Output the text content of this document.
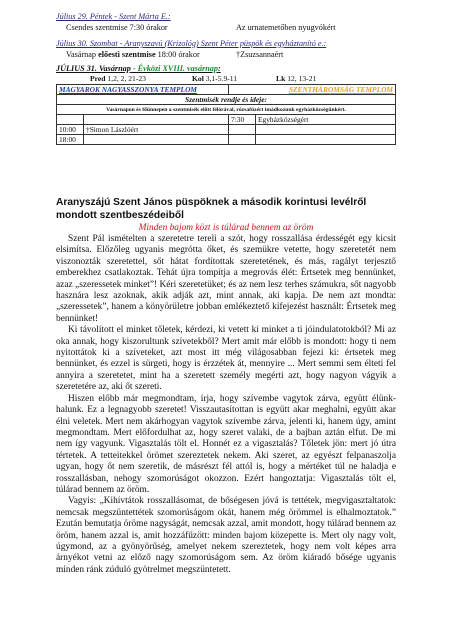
Július 29. Péntek - Szent Márta E.:
Csendes szentmise 7:30 órakor	Az urnatemetőben nyugvókért
Július 30. Szombat - Aranyszavú (Krizológ) Szent Péter püspök és egyháztanító e.:
Vasárnap előesti szentmise 18:00 órakor	†Zsuzsannaért
JÚLIUS 31. Vasárnap - Évközi XVIII. vasárnap:
Pred 1,2, 2, 21-23	Kol 3,1-5.9-11	Lk 12, 13-21
MAGYAROK NAGYASSZONYA TEMPLOM		SZENTHÁROMSÁG TEMPLOM	
Szentmisék rendje és ideje:			
Vasárnapon és főünnepen a szentmisék előtt félórával, rózsafüzért imádkozunk egyházközségünkért.			
		7:30	Egyházközségért
10:00	†Simon Lászlóért		
18:00			
Aranyszájú Szent János püspöknek a második korintusi levélről mondott szentbeszédeiből
Minden bajom közt is túlárad bennem az öröm

Szent Pál ismételten a szeretetre tereli a szót, hogy rosszallása érdességét egy kicsit elsimítsa. Előzőleg ugyanis megrótta őket, és szemükre vetette, hogy szeretetét nem viszonozták szeretettel, sőt hátat fordítottak szeretetének, és más, ragályt terjesztő emberekhez csatlakoztak. Tehát újra tompítja a megrovás élét: Értsetek meg bennünket, azaz „szeressetek minket”! Kéri szeretetüket; és az nem lesz terhes számukra, sőt nagyobb hasznára lesz azoknak, akik adják azt, mint annak, aki kapja. De nem azt mondta: „szeressetek”, hanem a könyörületre jobban emlékeztető kifejezést használt: Értsetek meg bennünket!

Ki távolított el minket tőletek, kérdezi, ki vetett ki minket a ti jóindulatotokból? Mi az oka annak, hogy kiszorultunk szívetekből? Mert amit már előbb is mondott: hogy ti nem nyitottátok ki a szíveteket, azt most itt még világosabban fejezi ki: értsetek meg bennünket, és ezzel is sürgeti, hogy is érzzétek át, mennyire ... Mert semmi sem élteti fel annyira a szeretetet, mint ha a szeretett személy megérti azt, hogy nagyon vágyik a szeretetére az, aki őt szereti.

Hiszen előbb már megmondtam, írja, hogy szívembe vagytok zárva, együtt élünk-halunk. Ez a legnagyobb szeretet! Visszautasítottan is együtt akar meghalni, együtt akar élni veletek. Mert nem akárhogyan vagytok szívembe zárva, jelenti ki, hanem úgy, amint megmondtam. Mert előfordulhat az, hogy szeret valaki, de a bajban aztán elfut. De mi nem így vagyunk. Vigasztalás tölt el. Honnét ez a vigasztalás? Tőletek jön: mert jó útra tértetek. A tetteitekkel örömet szereztetek nekem. Aki szeret, az egyészt felpanaszolja ugyan, hogy őt nem szeretik, de másrészt fél attól is, hogy a mértéket túl ne haladja e rosszallásban, nehogy szomorúságot okozzon. Ezért hangoztatja: Vigasztalás tölt el, túlárad bennem az öröm.

Vagyis: „Kihívtátok rosszallásomat, de bőségesen jóvá is tettétek, megvigasztaltatok: nemcsak megszüntettétek szomorúságom okát, hanem még örömmel is elhalmoztatok.” Ezután bemutatja öröme nagyságát, nemcsak azzal, amit mondott, hogy túlárad bennem az öröm, hanem azzal is, amit hozzáfűzött: minden bajom közepette is. Mert oly nagy volt, úgymond, az a gyönyörűség, amelyet nekem szereztetek, hogy nem volt képes arra árnyékot vetni az előző nagy szomorúságom sem. Az öröm kiáradó bősége ugyanis minden ránk zúduló gyötrelmet megszüntetett.
